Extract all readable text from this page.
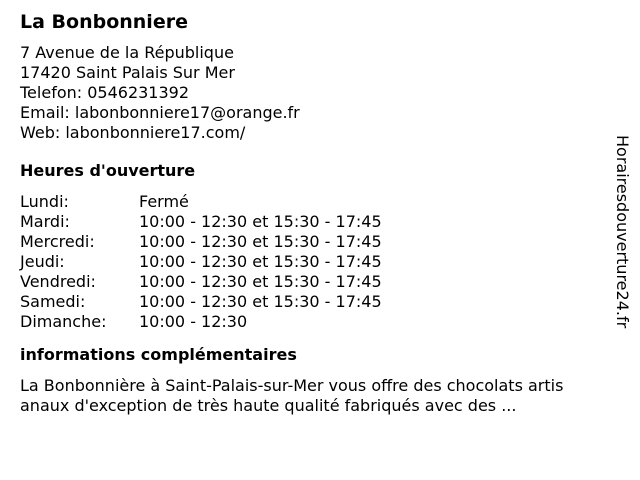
La Bonbonniere
7 Avenue de la République
17420 Saint Palais Sur Mer
Telefon: 0546231392
Email: labonbonniere17@orange.fr
Web: labonbonniere17.com/
Heures d'ouverture
Lundi:	Fermé
Mardi:	10:00 - 12:30 et 15:30 - 17:45
Mercredi:	10:00 - 12:30 et 15:30 - 17:45
Jeudi:	10:00 - 12:30 et 15:30 - 17:45
Vendredi:	10:00 - 12:30 et 15:30 - 17:45
Samedi:	10:00 - 12:30 et 15:30 - 17:45
Dimanche:	10:00 - 12:30
informations complémentaires
La Bonbonnière à Saint-Palais-sur-Mer vous offre des chocolats artis
anaux d'exception de très haute qualité fabriqués avec des ...
Horairesdouverture24.fr
